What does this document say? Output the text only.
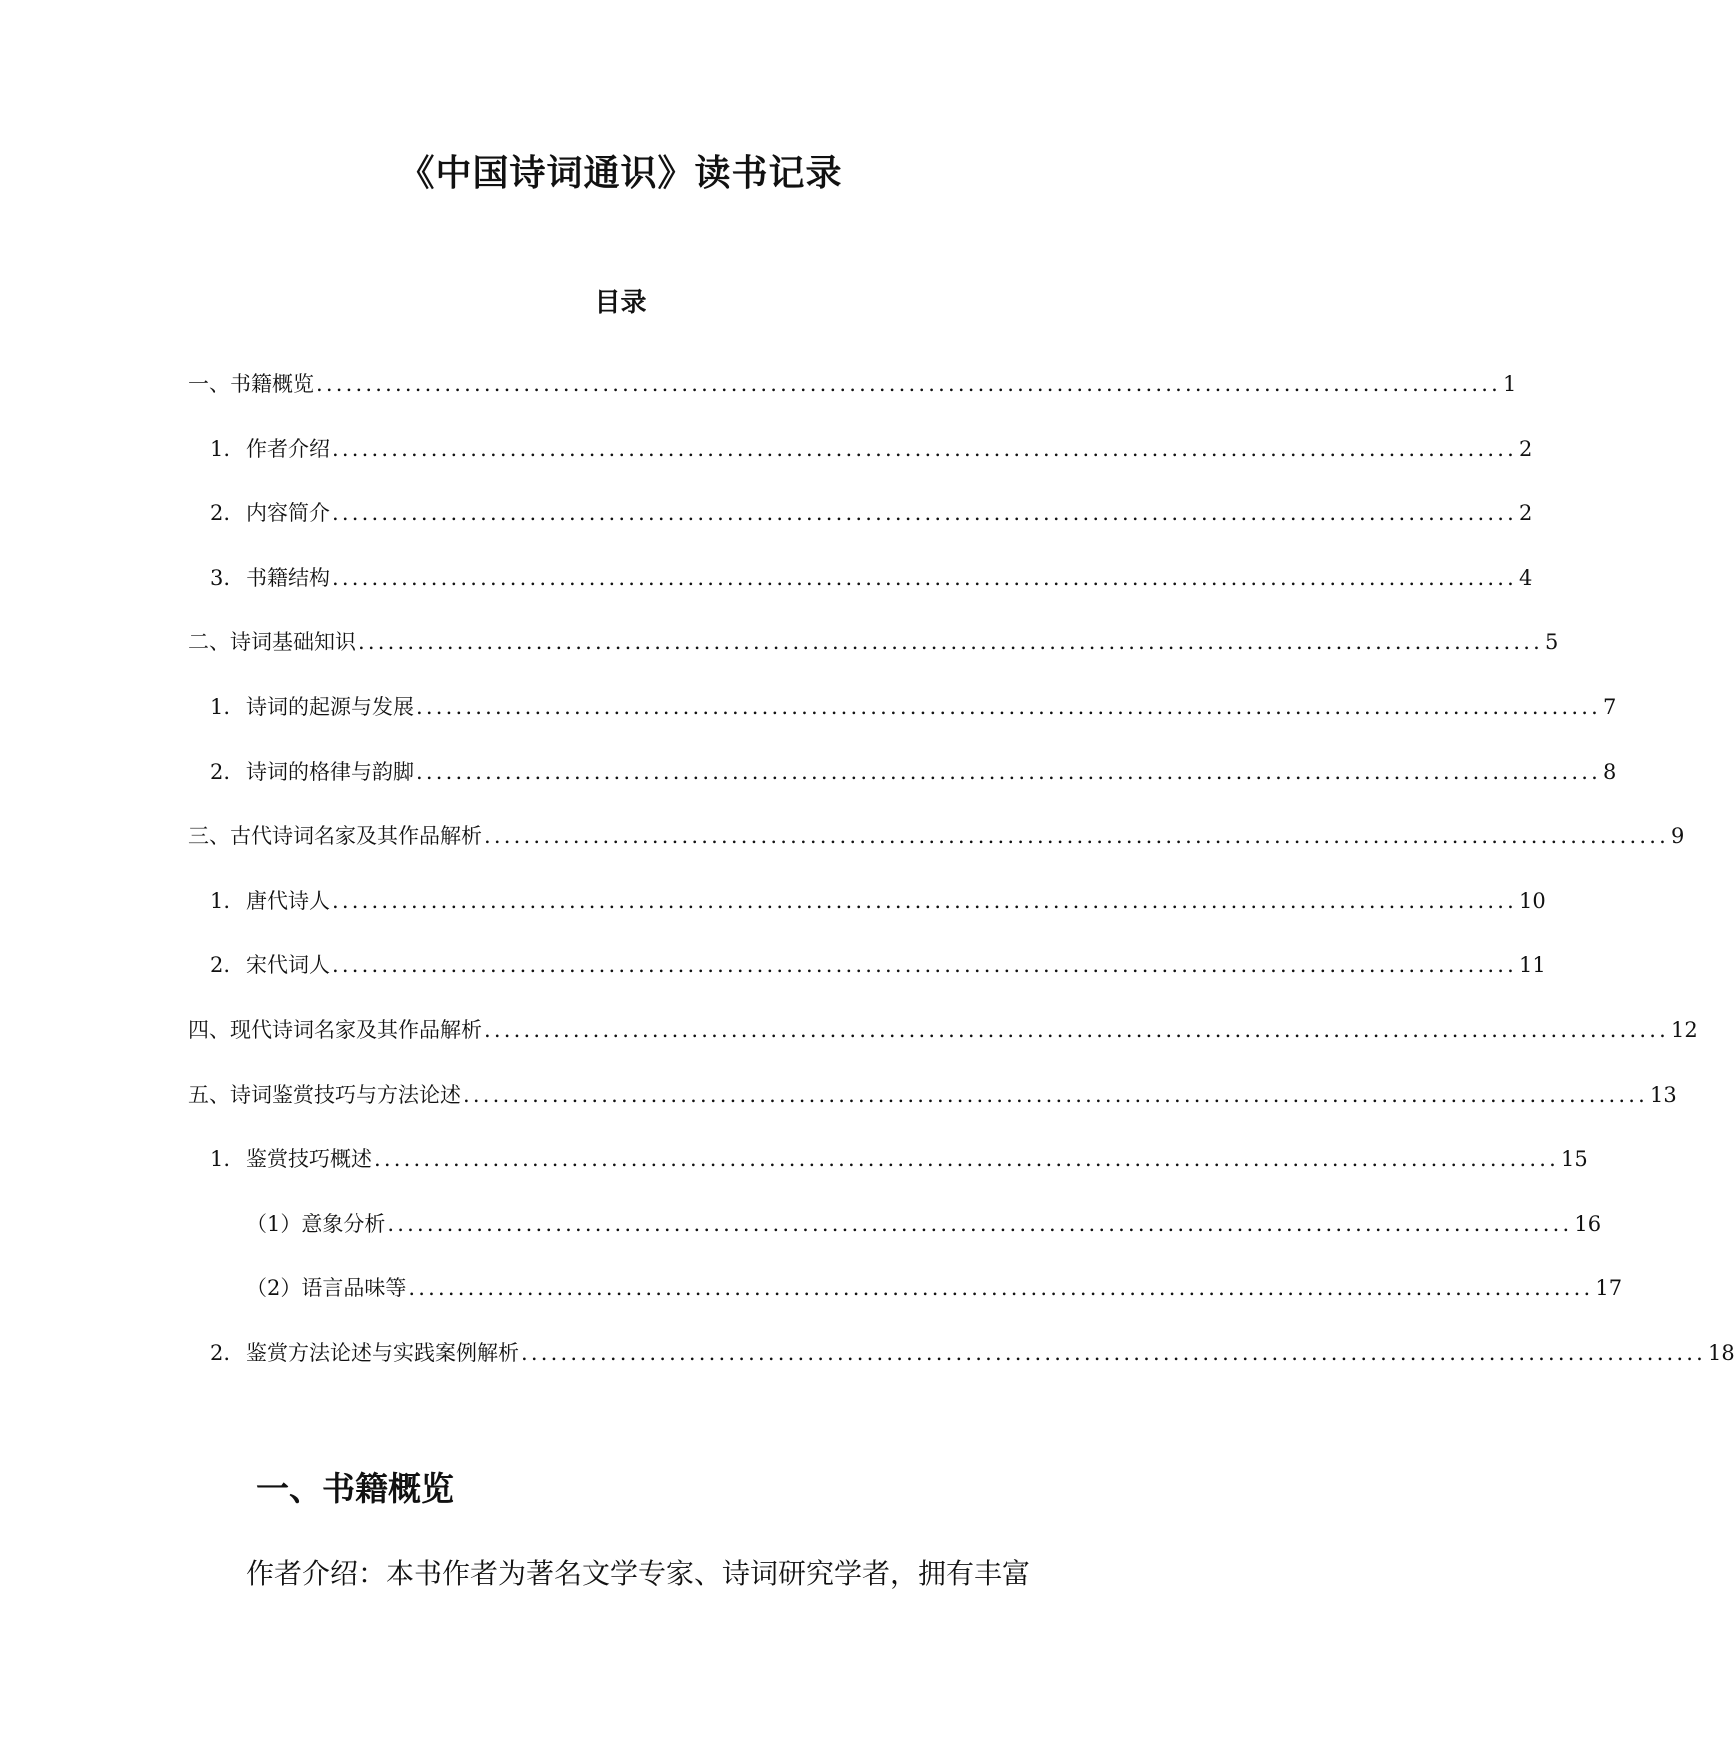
《中国诗词通识》读书记录
目录
一、书籍概览 ........................................................................................................................ 1
1. 作者介绍 ........................................................................................................................ 2
2. 内容简介 ........................................................................................................................ 2
3. 书籍结构 ........................................................................................................................ 4
二、诗词基础知识 ........................................................................................................................ 5
1. 诗词的起源与发展 ........................................................................................................................ 7
2. 诗词的格律与韵脚 ........................................................................................................................ 8
三、古代诗词名家及其作品解析 ........................................................................................................................ 9
1. 唐代诗人 ........................................................................................................................ 10
2. 宋代词人 ........................................................................................................................ 11
四、现代诗词名家及其作品解析 ........................................................................................................................ 12
五、诗词鉴赏技巧与方法论述 ........................................................................................................................ 13
1. 鉴赏技巧概述 ........................................................................................................................ 15
（1）意象分析 ........................................................................................................................ 16
（2）语言品味等 ........................................................................................................................ 17
2. 鉴赏方法论述与实践案例解析 ........................................................................................................................ 18
一、书籍概览
作者介绍：本书作者为著名文学专家、诗词研究学者，拥有丰富
